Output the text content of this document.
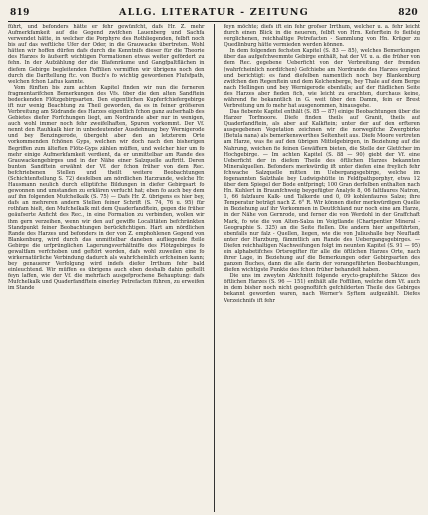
819	ALLG. LITERATUR - ZEITUNG	820

führt, und befonders hätte er fehr gewünfcht, dafs Hr. Z. mehr Aufmerkfamkeit auf die Gegend zwifchen Lauenberg und Sachfa verwendet hätte, in welcher die Porphyre des Rothliegenden, felbft noch bis auf das weftliche Ufer der Oder, in die Grauwacke übertreten. Wohl hätten wir hoffen dürfen dafs durch die Kenntnifs dieser für die Theorie des Harzes fo äufserft wichtigen Formationen etwas weiter gefördert zu fehn. In der Aufzählung der die Blafenräume und Gangfpaltflächen in diefem Gebirge begleitenden Foffilien vermiffen wir übrigens noch den durch die Darftellung ftc. von Buch's fo wichtig gewordenen Flufsfpath, welchen fchon Lafius kannte.

Vom fünften bis zum achten Kapitel finden wir nun die ferneren fragmentarifchen Bemerkungen des Vfs. über die den alten Sandftein bedeckenden Flötzgebirgsarten. Den eigentlichen Kupferfchiefergebirge ift nur wenig Beachtung zu Theil geworden, da es in feiner gröfseren Verbreitung am Südrande des Harzes eigentlich fchon ganz aufserhalb des Gebietes diefer Forfchungen liegt, am Nordrande aber nur in wenigen, auch wohl immer noch fehr zweifelhaften, Spuren vorkommt. Der Vf. nennt den Rauhkalk hier in unbedeutender Ausdehnung bey Wernigerode und bey Benzingerode, übergeht aber den an letzterem Orte vorkommenden fchönen Gyps, welchen wir doch nach den bisherigen Begriffen zum älteften Flötz-Gyps zählen müffen, und welcher hier um fo mehr einige Aufmerkfamkeit verdient, da er unmittelbar am Rande des Grauwackengebirges und in der Nähe einer Salzquelle auftritt. Deren bunten Sandftein erwähnt der Vf. der fchon früher von dem Rec. befchriebenen Stellen und theilt weitere Beobachtungen (Schichtenftellung S. 72) desfelben am nördlichen Harzrande, welche Hr. Hausmann neulich durch elliptifche Bildungen in diefer Gebirgsart fo gewonnen und umstanden zu erklären verfucht hat; eben fo auch bey dem auf ihn folgenden Mufchelkalk (S. 75) — Dafs Hr. Z. übrigens es hier bey, dafs an mehreren andern Stellen feiner Schrift (S. 74, 76 u. 95) für rothfam hielt, den Mufchelkalk mit dem Quaderfandftein, gegen die früher geäufserte Anficht des Rec., in eine Formation zu verbinden, wollen wir ihm gern verzeihen, wenn wir den auf gewiffe Localitäten befchränkten Standpunkt feiner Beobachtungen berückfichtigen. Hart am nördlichen Rande des Harzes und befonders in der von Z. emphohlenen Gegend von Blankenburg, wird durch das unmittelbar daneben aufliegende fteile Gebirge die urfprünglichen Lagerungsverhältniffe des Flötzgebirges fo gewaltfam verfchoben und geftört worden, dafs wohl zuweilen eine fo wirkernatürliche Verbindung dadurch als wahrfcheinlich erfcheinen kann; bey genauerer Verfolgung wird indefs diefer Irrthum fehr bald einleuchtend. Wir müffen es übrigens auch eben deshalb dahin geftellt feyn laffen, wie der Vf. die mehrfach ausgefprochene Behauptung: dafs Mufchelkalk und Quaderfandftein einerley Petrefacten führen, zu erweifen im Stande

feyn möchte; diefs ift ein fehr grofser Irrthum, welcher u. a. fehr leicht durch einen Blick in die neueren, felbft von Hrn. Keferftein fo fleifsig verglichenen, reichhaltige Petrefacten - Sammlung von Hn. Krüger zu Quedlinburg hätte vermieden werden können.

In dem folgenden fechsten Kapitel (S. 83 — 85), welches Bemerkungen über das aufgefchwemmte Gebirge enthält, hat der Vf. u. a. die früher von dem Rec. gegebene Ueberficht von der Verbreitung der fremden (wahrfcheinlich nordifchen) Gefchiebe am Nordrande des Harzes ergänzt und berichtigt: es fand diefelben namentlich noch bey Blankenburg zwifchen den Regenftein und dem Kelchenberge, bey Thale auf dem Berge nach Hellingen und bey Wernigerode ebenfalls; auf der ftädlichen Seite des Harzes aber fieden fich, wie leicht zu erachten, durchaus keine, während fie bekanntlich in G. weit über den Damm, fein er Brest Verbreitung um fo mehr hat ausgenommen, hinausgehe.

Das fiebente Kapitel enthält (S. 85 — 87) einige Beobachtungen über die Harzer Torfmoore. Diefe finden theils auf Granit, theils auf Quaderfandftein, als aber auf Kalkftein; unter der auf den erfteren ausgegebenen Vegetation zeichnen wir die norwegifche Zwergbirke (Betula nana) als bemerkenswerthes Seltenheit aus. Diefe Moore vertreten am Harze, was fie auf den übrigen Mittelgebirgen, in Beziehung auf die Nahrung, weichen fie feinen Gewäffern bieten, die Stelle der Gletfcher im Hochgebirge. — Im achten Kapitel (S. 88 — 90) giebt der Vf. eine Ueberficht der in diefem Theile des öftlichen Harzes bekannten Mineralquellen. Befonders merkwürdig ift unter diefen eine freylich fehr fchwache Salzquelle mitten im Uebergangsgebirge, welche im fogenannten Salzthale bey Ludwigshütte in Feldfpathporphyr, etwa 12 über dem Spiegel der Bode entfpringt; 100 Gran derfelben enthalten nach Hn. Kuhlert in Braunfchweig beygefügter Analyfe 8, 06 faltfaures Natron, 1, 66 falzfaure Kalk- und Talkerde und 0, 09 kohlenfaures Salze; ihre Temperatur beträgt nach Z. 6° R. Wir können diefer merkwürdigen Quelle in Beziehung auf ihr Vorkommen in Deutfchland nur noch eine am Harze, in der Nähe von Gernrode, und ferner die von Werdohl in der Graffchaft Mark, fo wie die von Alten-Salza im Voigtlande (Chartpentier Mineral - Geographie S. 325) an die Seite ftellen. Die andern hier angeführten, ebenfalls nur falz - Quellen, liegen, wie die von Juliushalle bey Neuftadt unter der Harzburg, fämmtlich am Rande des Uebergangsgebirges. — Diefen reichhaltigen Nachweifungen folgt im neunten Kapitel (S. 91 — 95) ein alphabetifches Ortsregifter für alle die öftlichen Harzes Orte, nach ihrer Lage, in Beziehung auf die Bemerkungen oder Gebirgsarten des ganzen Buches, dann die alle darin der vorangeführten Beobachtungen, diefen wichtigste Punkte des fchon früher behandelt haben.

Die uns im zweyten Abfchnitt folgende erycto-graphifche Skizze des öftlichen Harzes (S. 96 — 151) enthält alle Foffilien, welche dem Vf. auch in dem bisher noch nicht geognoftifch gefchilderten Theile des Gebirges bekannt geworden waren, nach Werner's Syftem aufgezählt. Diefes Verzeichnifs ift fehr
